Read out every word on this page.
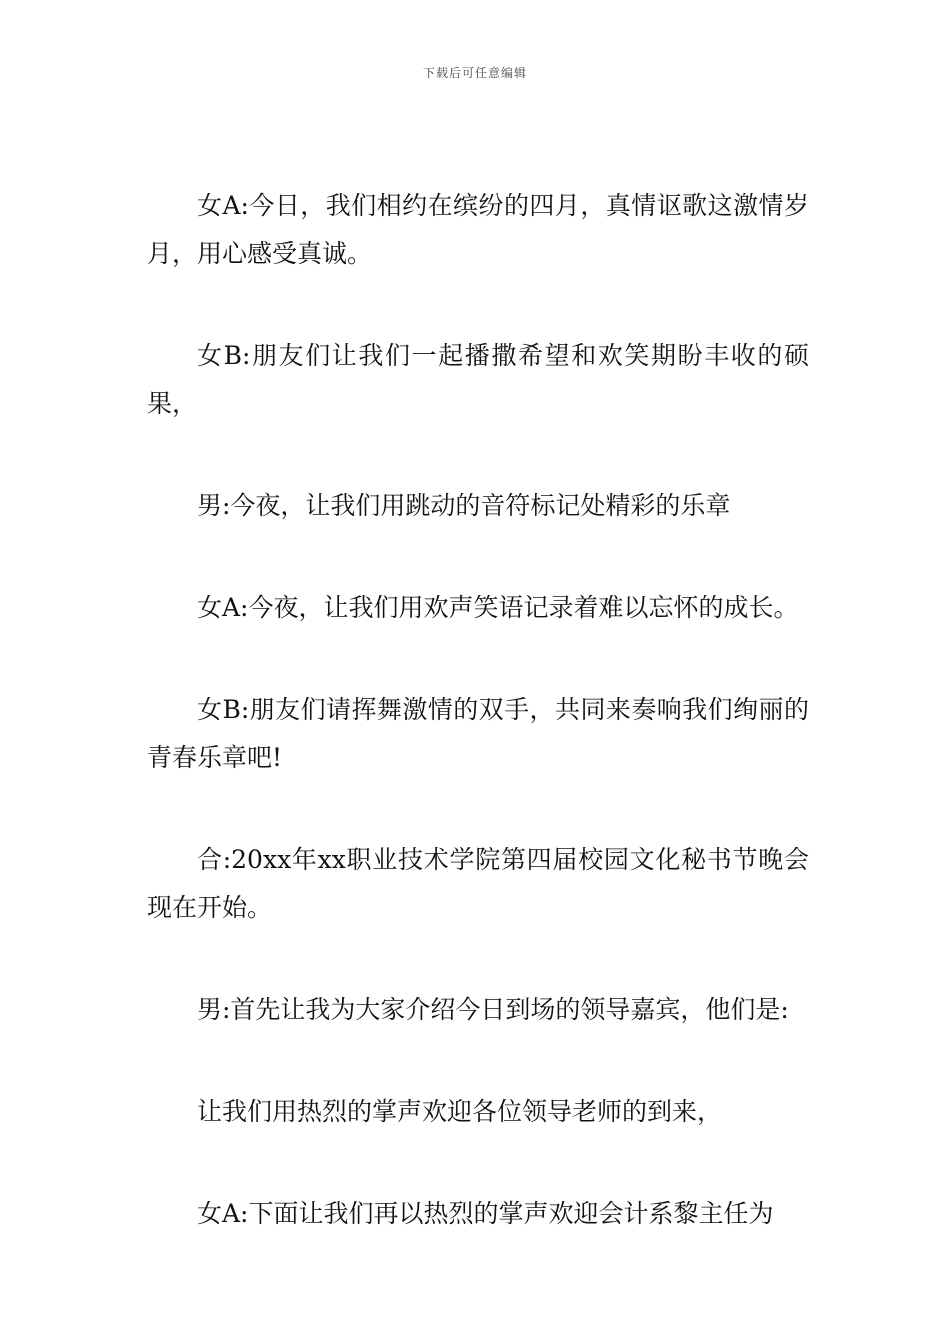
下载后可任意编辑

女A:今日，我们相约在缤纷的四月，真情讴歌这激情岁月，用心感受真诚。

女B:朋友们让我们一起播撒希望和欢笑期盼丰收的硕果，

男:今夜，让我们用跳动的音符标记处精彩的乐章

女A:今夜，让我们用欢声笑语记录着难以忘怀的成长。

女B:朋友们请挥舞激情的双手，共同来奏响我们绚丽的青春乐章吧!

合:20xx年xx职业技术学院第四届校园文化秘书节晚会现在开始。

男:首先让我为大家介绍今日到场的领导嘉宾，他们是:

让我们用热烈的掌声欢迎各位领导老师的到来，

女A:下面让我们再以热烈的掌声欢迎会计系黎主任为
